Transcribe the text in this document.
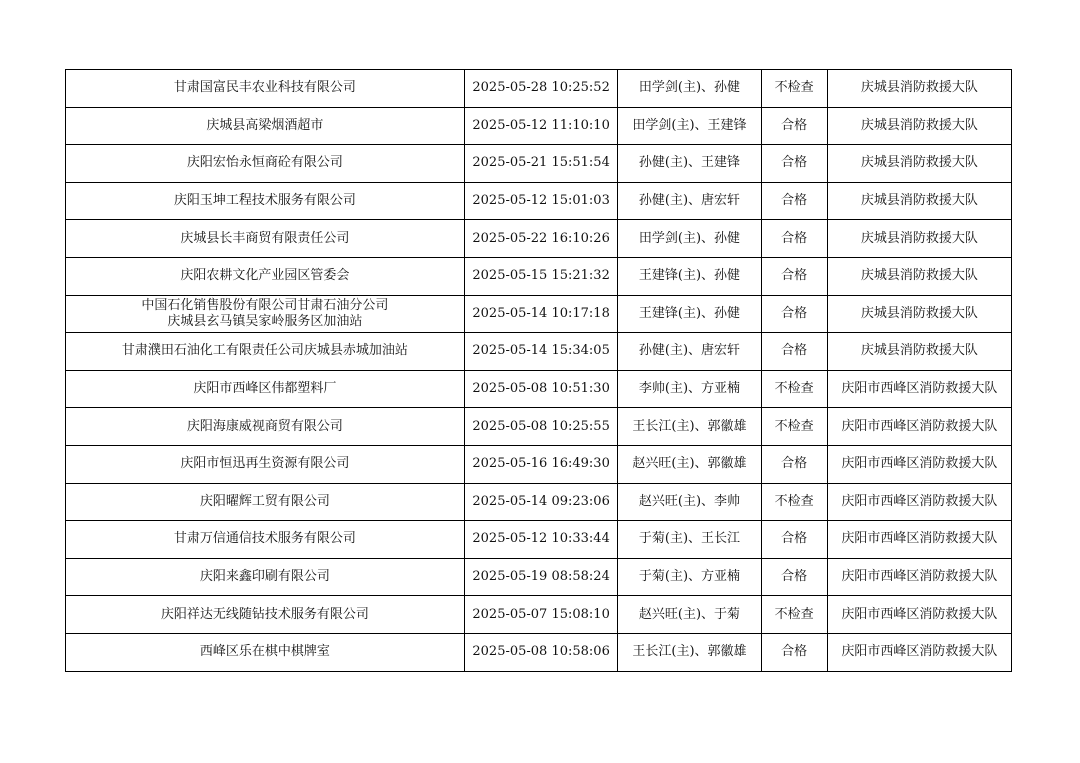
甘肃国富民丰农业科技有限公司	2025-05-28 10:25:52	田学剑(主)、孙健	不检查	庆城县消防救援大队

庆城县高梁烟酒超市	2025-05-12 11:10:10	田学剑(主)、王建锋	合格	庆城县消防救援大队

庆阳宏怡永恒商砼有限公司	2025-05-21 15:51:54	孙健(主)、王建锋	合格	庆城县消防救援大队

庆阳玉坤工程技术服务有限公司	2025-05-12 15:01:03	孙健(主)、唐宏轩	合格	庆城县消防救援大队

庆城县长丰商贸有限责任公司	2025-05-22 16:10:26	田学剑(主)、孙健	合格	庆城县消防救援大队

庆阳农耕文化产业园区管委会	2025-05-15 15:21:32	王建锋(主)、孙健	合格	庆城县消防救援大队

中国石化销售股份有限公司甘肃石油分公司
庆城县玄马镇吴家岭服务区加油站	2025-05-14 10:17:18	王建锋(主)、孙健	合格	庆城县消防救援大队

甘肃濮田石油化工有限责任公司庆城县赤城加油站	2025-05-14 15:34:05	孙健(主)、唐宏轩	合格	庆城县消防救援大队

庆阳市西峰区伟都塑料厂	2025-05-08 10:51:30	李帅(主)、方亚楠	不检查	庆阳市西峰区消防救援大队

庆阳海康威视商贸有限公司	2025-05-08 10:25:55	王长江(主)、郭徽雄	不检查	庆阳市西峰区消防救援大队

庆阳市恒迅再生资源有限公司	2025-05-16 16:49:30	赵兴旺(主)、郭徽雄	合格	庆阳市西峰区消防救援大队

庆阳曜辉工贸有限公司	2025-05-14 09:23:06	赵兴旺(主)、李帅	不检查	庆阳市西峰区消防救援大队

甘肃万信通信技术服务有限公司	2025-05-12 10:33:44	于菊(主)、王长江	合格	庆阳市西峰区消防救援大队

庆阳来鑫印刷有限公司	2025-05-19 08:58:24	于菊(主)、方亚楠	合格	庆阳市西峰区消防救援大队

庆阳祥达无线随钻技术服务有限公司	2025-05-07 15:08:10	赵兴旺(主)、于菊	不检查	庆阳市西峰区消防救援大队

西峰区乐在棋中棋牌室	2025-05-08 10:58:06	王长江(主)、郭徽雄	合格	庆阳市西峰区消防救援大队
